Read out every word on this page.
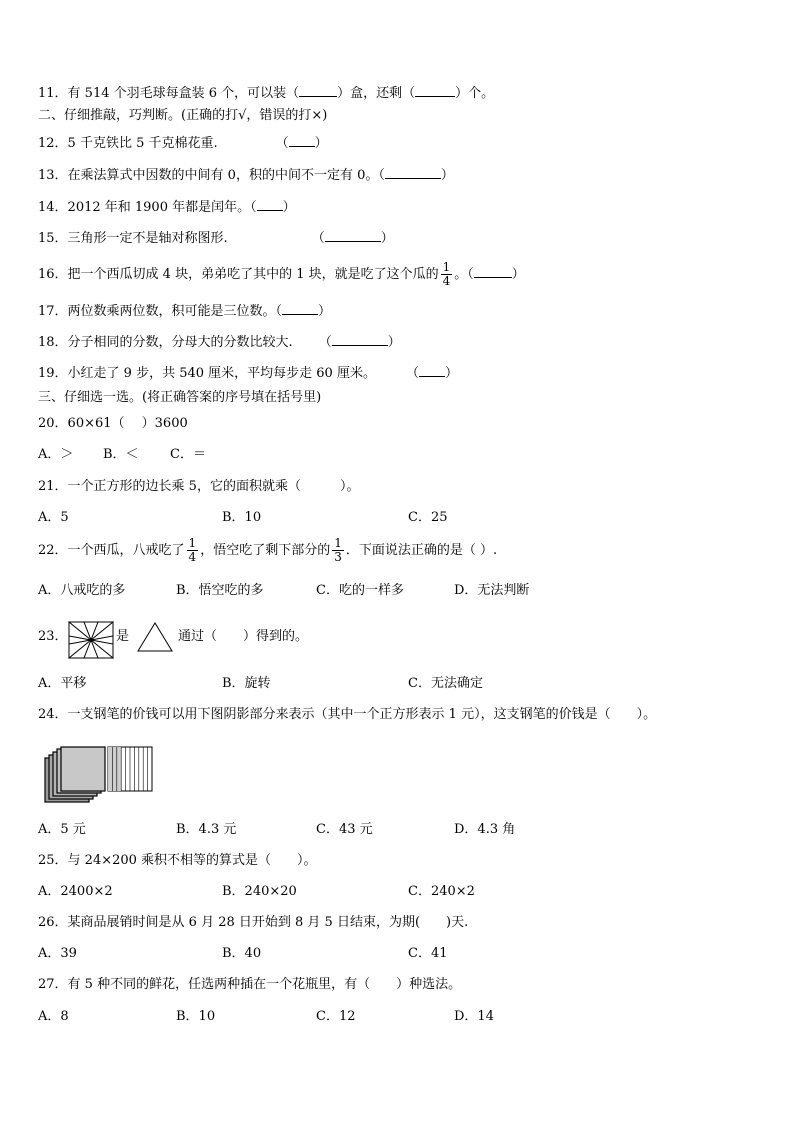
11．有 514 个羽毛球每盒装 6 个，可以装（	）盒，还剩（	）个。
二、仔细推敲，巧判断。(正确的打√，错误的打×)
12．5 千克铁比 5 千克棉花重.	（ ）
13．在乘法算式中因数的中间有 0，积的中间不一定有 0。（	）
14．2012 年和 1900 年都是闰年。（ ）
15．三角形一定不是轴对称图形.	（	）
16．把一个西瓜切成 4 块，弟弟吃了其中的 1 块，就是吃了这个瓜的 $\frac{1}{4}$ 。（	）
17．两位数乘两位数，积可能是三位数。（	）
18．分子相同的分数，分母大的分数比较大. （	）
19．小红走了 9 步，共 540 厘米，平均每步走 60 厘米。 （ ）
三、仔细选一选。(将正确答案的序号填在括号里)
20．60×61（　 ）3600
A．＞ B．＜ C．＝
21．一个正方形的边长乘 5，它的面积就乘（　　　）。
A．5	B．10	C．25
22．一个西瓜，八戒吃了 $\frac{1}{4}$ ，悟空吃了剩下部分的 $\frac{1}{3}$ ．下面说法正确的是（ ）.
A．八戒吃的多	B．悟空吃的多	C．吃的一样多	D．无法判断
23．	是	通过（　　）得到的。
A．平移	B．旋转	C．无法确定
24．一支钢笔的价钱可以用下图阴影部分来表示（其中一个正方形表示 1 元），这支钢笔的价钱是（　　）。
A．5 元	B．4.3 元	C．43 元	D．4.3 角
25．与 24×200 乘积不相等的算式是（　　）。
A．2400×2	B．240×20	C．240×2
26．某商品展销时间是从 6 月 28 日开始到 8 月 5 日结束，为期(　　)天.
A．39	B．40	C．41
27．有 5 种不同的鲜花，任选两种插在一个花瓶里，有（　　）种选法。
A．8	B．10	C．12	D．14
